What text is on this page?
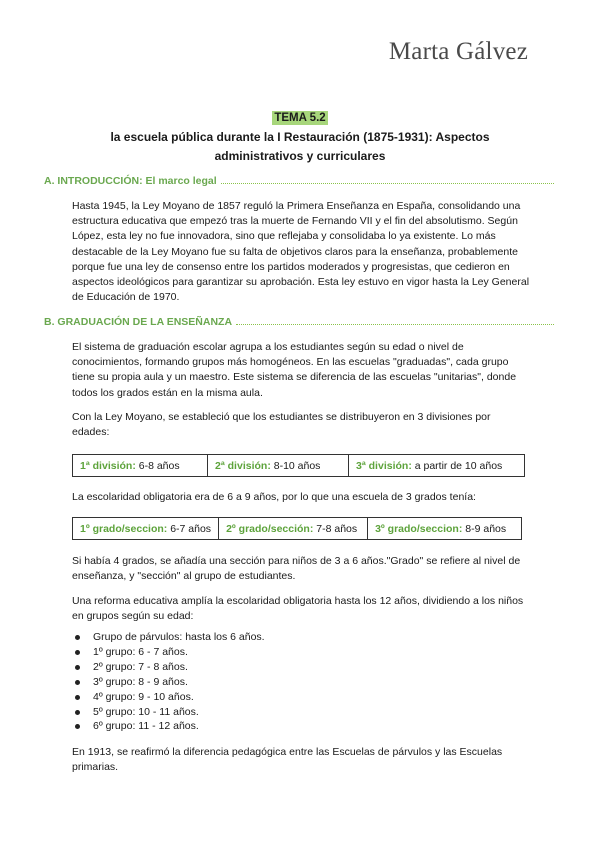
Marta Gálvez
TEMA 5.2
la escuela pública durante la I Restauración (1875-1931): Aspectos
administrativos y curriculares
A. INTRODUCCIÓN: El marco legal

Hasta 1945, la Ley Moyano de 1857 reguló la Primera Enseñanza en España, consolidando una estructura educativa que empezó tras la muerte de Fernando VII y el fin del absolutismo. Según López, esta ley no fue innovadora, sino que reflejaba y consolidaba lo ya existente. Lo más destacable de la Ley Moyano fue su falta de objetivos claros para la enseñanza, probablemente porque fue una ley de consenso entre los partidos moderados y progresistas, que cedieron en aspectos ideológicos para garantizar su aprobación. Esta ley estuvo en vigor hasta la Ley General de Educación de 1970.

B. GRADUACIÓN DE LA ENSEÑANZA

El sistema de graduación escolar agrupa a los estudiantes según su edad o nivel de conocimientos, formando grupos más homogéneos. En las escuelas "graduadas", cada grupo tiene su propia aula y un maestro. Este sistema se diferencia de las escuelas "unitarias", donde todos los grados están en la misma aula.

Con la Ley Moyano, se estableció que los estudiantes se distribuyeron en 3 divisiones por edades:

1ª división: 6-8 años	2ª división: 8-10 años	3ª división: a partir de 10 años

La escolaridad obligatoria era de 6 a 9 años, por lo que una escuela de 3 grados tenía:

1º grado/seccion: 6-7 años	2º grado/sección: 7-8 años	3º grado/seccion: 8-9 años

Si había 4 grados, se añadía una sección para niños de 3 a 6 años."Grado" se refiere al nivel de enseñanza, y "sección" al grupo de estudiantes.

Una reforma educativa amplía la escolaridad obligatoria hasta los 12 años, dividiendo a los niños en grupos según su edad:

Grupo de párvulos: hasta los 6 años.
1º grupo: 6 - 7 años.
2º grupo: 7 - 8 años.
3º grupo: 8 - 9 años.
4º grupo: 9 - 10 años.
5º grupo: 10 - 11 años.
6º grupo: 11 - 12 años.

En 1913, se reafirmó la diferencia pedagógica entre las Escuelas de párvulos y las Escuelas primarias.
